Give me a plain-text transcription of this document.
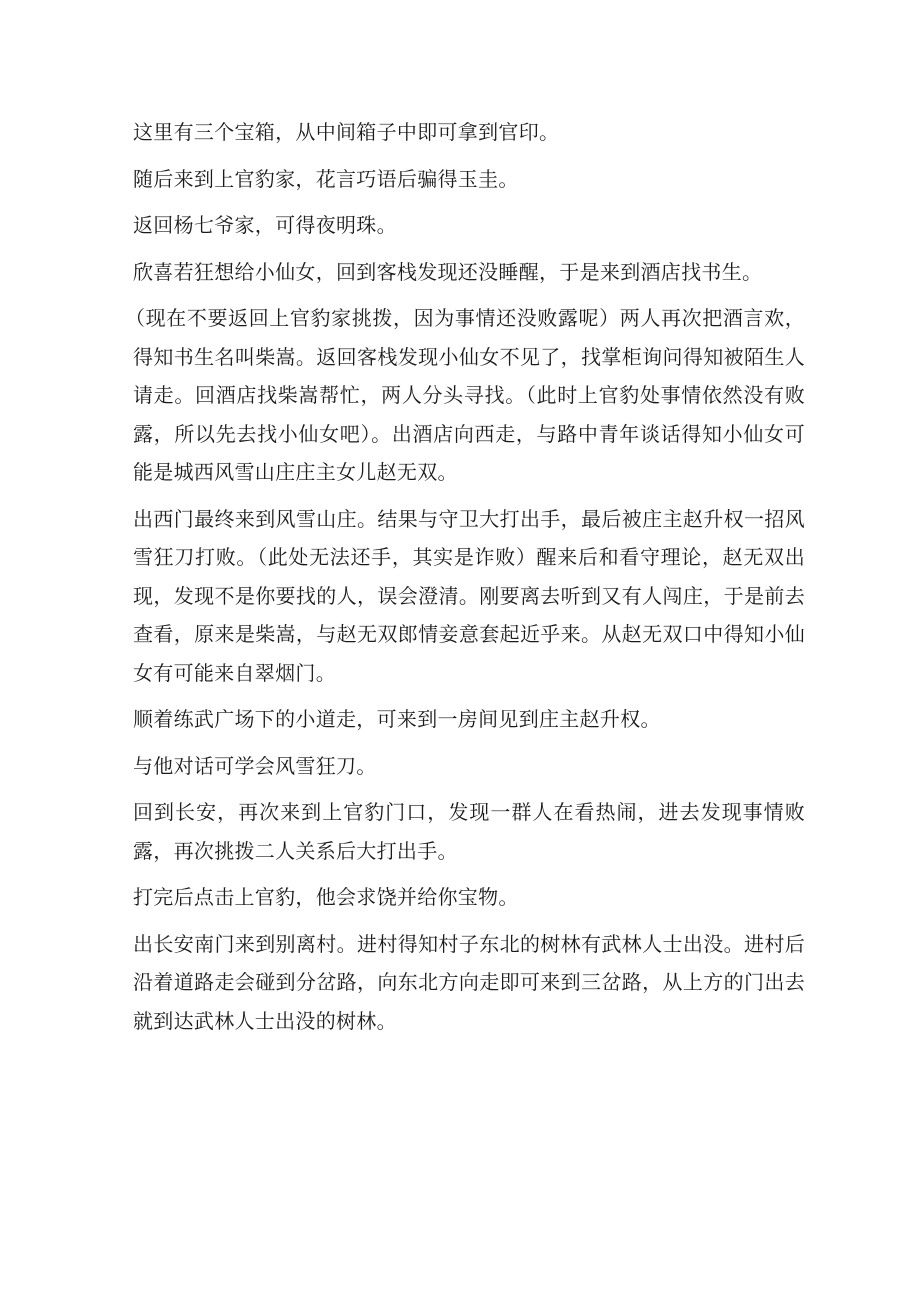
这里有三个宝箱，从中间箱子中即可拿到官印。

随后来到上官豹家，花言巧语后骗得玉圭。

返回杨七爷家，可得夜明珠。

欣喜若狂想给小仙女，回到客栈发现还没睡醒，于是来到酒店找书生。

（现在不要返回上官豹家挑拨，因为事情还没败露呢）两人再次把酒言欢，得知书生名叫柴嵩。返回客栈发现小仙女不见了，找掌柜询问得知被陌生人请走。回酒店找柴嵩帮忙，两人分头寻找。（此时上官豹处事情依然没有败露，所以先去找小仙女吧）。出酒店向西走，与路中青年谈话得知小仙女可能是城西风雪山庄庄主女儿赵无双。

出西门最终来到风雪山庄。结果与守卫大打出手，最后被庄主赵升权一招风雪狂刀打败。（此处无法还手，其实是诈败）醒来后和看守理论，赵无双出现，发现不是你要找的人，误会澄清。刚要离去听到又有人闯庄，于是前去查看，原来是柴嵩，与赵无双郎情妾意套起近乎来。从赵无双口中得知小仙女有可能来自翠烟门。

顺着练武广场下的小道走，可来到一房间见到庄主赵升权。

与他对话可学会风雪狂刀。

回到长安，再次来到上官豹门口，发现一群人在看热闹，进去发现事情败露，再次挑拨二人关系后大打出手。

打完后点击上官豹，他会求饶并给你宝物。

出长安南门来到别离村。进村得知村子东北的树林有武林人士出没。进村后沿着道路走会碰到分岔路，向东北方向走即可来到三岔路，从上方的门出去就到达武林人士出没的树林。
